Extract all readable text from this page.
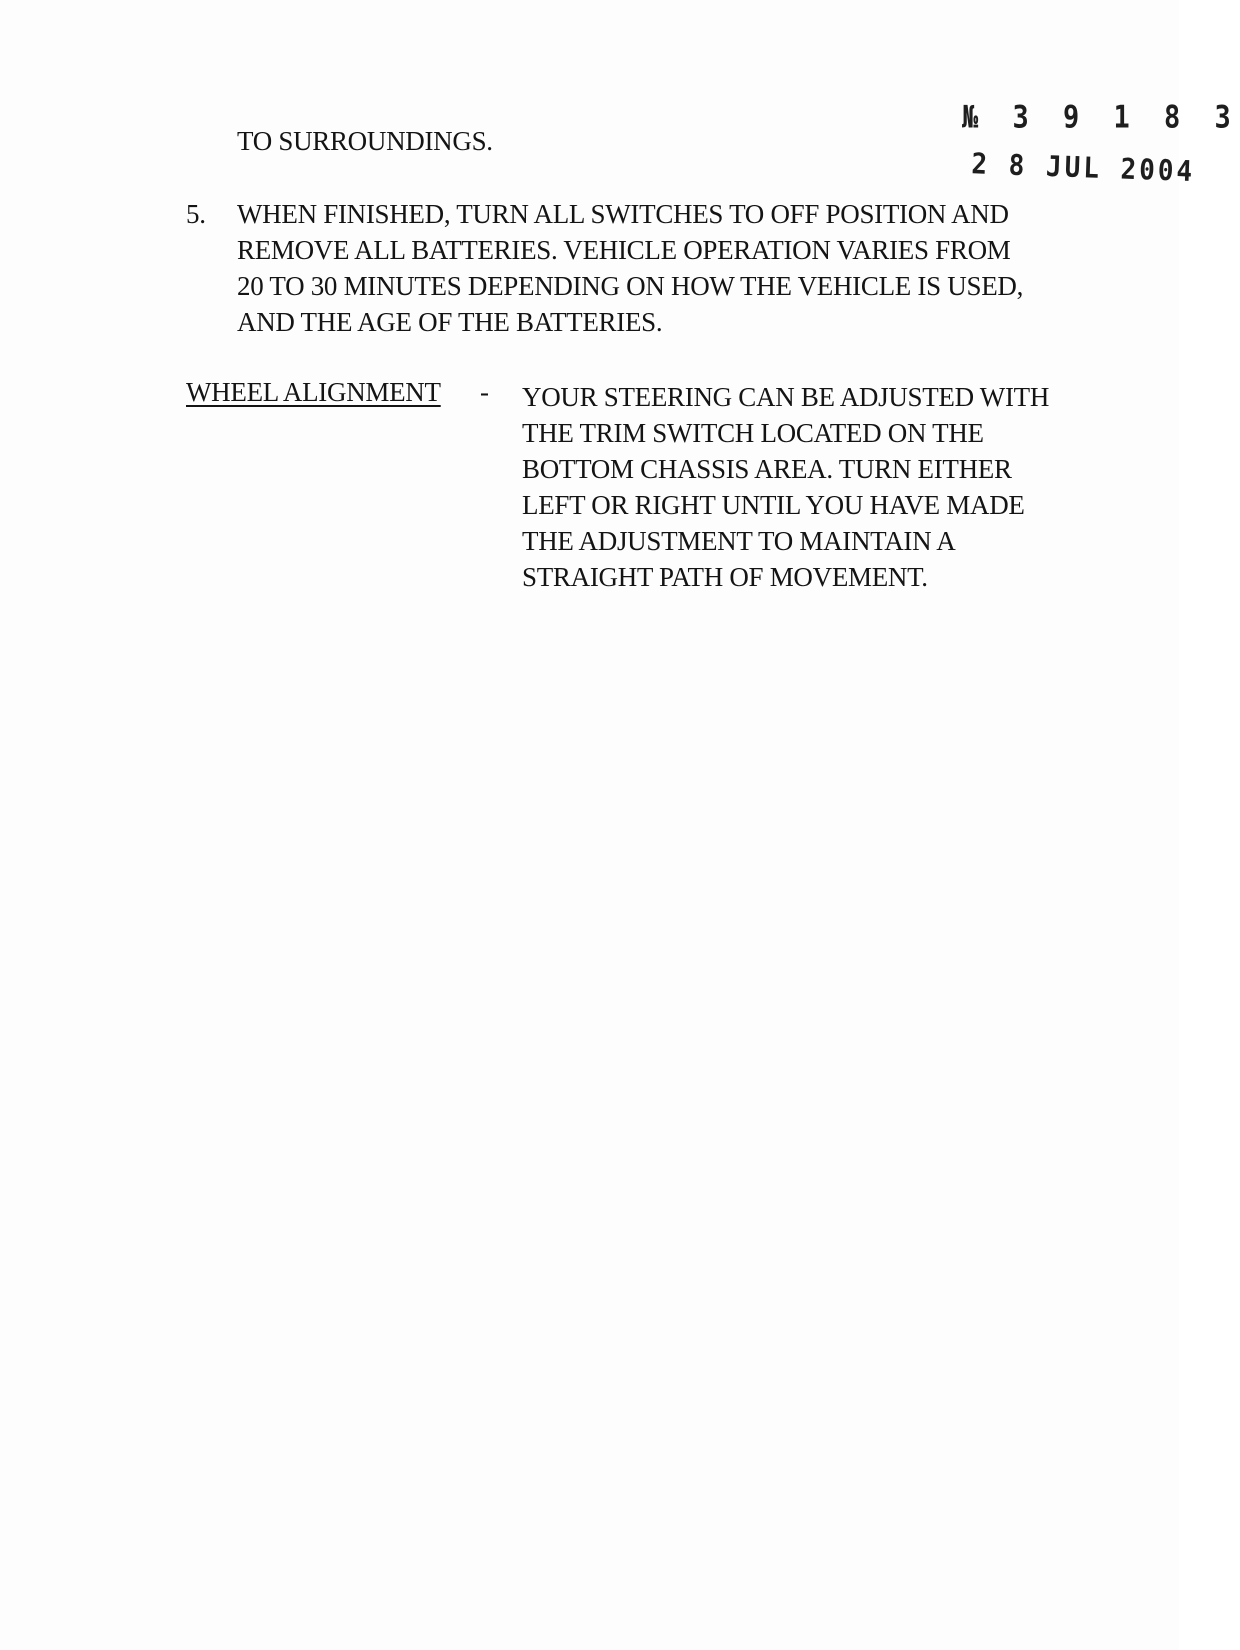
TO SURROUNDINGS.
№ 3 9 1 8 3
2 8 JUL 2004
5. WHEN FINISHED, TURN ALL SWITCHES TO OFF POSITION AND
REMOVE ALL BATTERIES. VEHICLE OPERATION VARIES FROM
20 TO 30 MINUTES DEPENDING ON HOW THE VEHICLE IS USED,
AND THE AGE OF THE BATTERIES.
WHEEL ALIGNMENT - YOUR STEERING CAN BE ADJUSTED WITH
THE TRIM SWITCH LOCATED ON THE
BOTTOM CHASSIS AREA. TURN EITHER
LEFT OR RIGHT UNTIL YOU HAVE MADE
THE ADJUSTMENT TO MAINTAIN A
STRAIGHT PATH OF MOVEMENT.
